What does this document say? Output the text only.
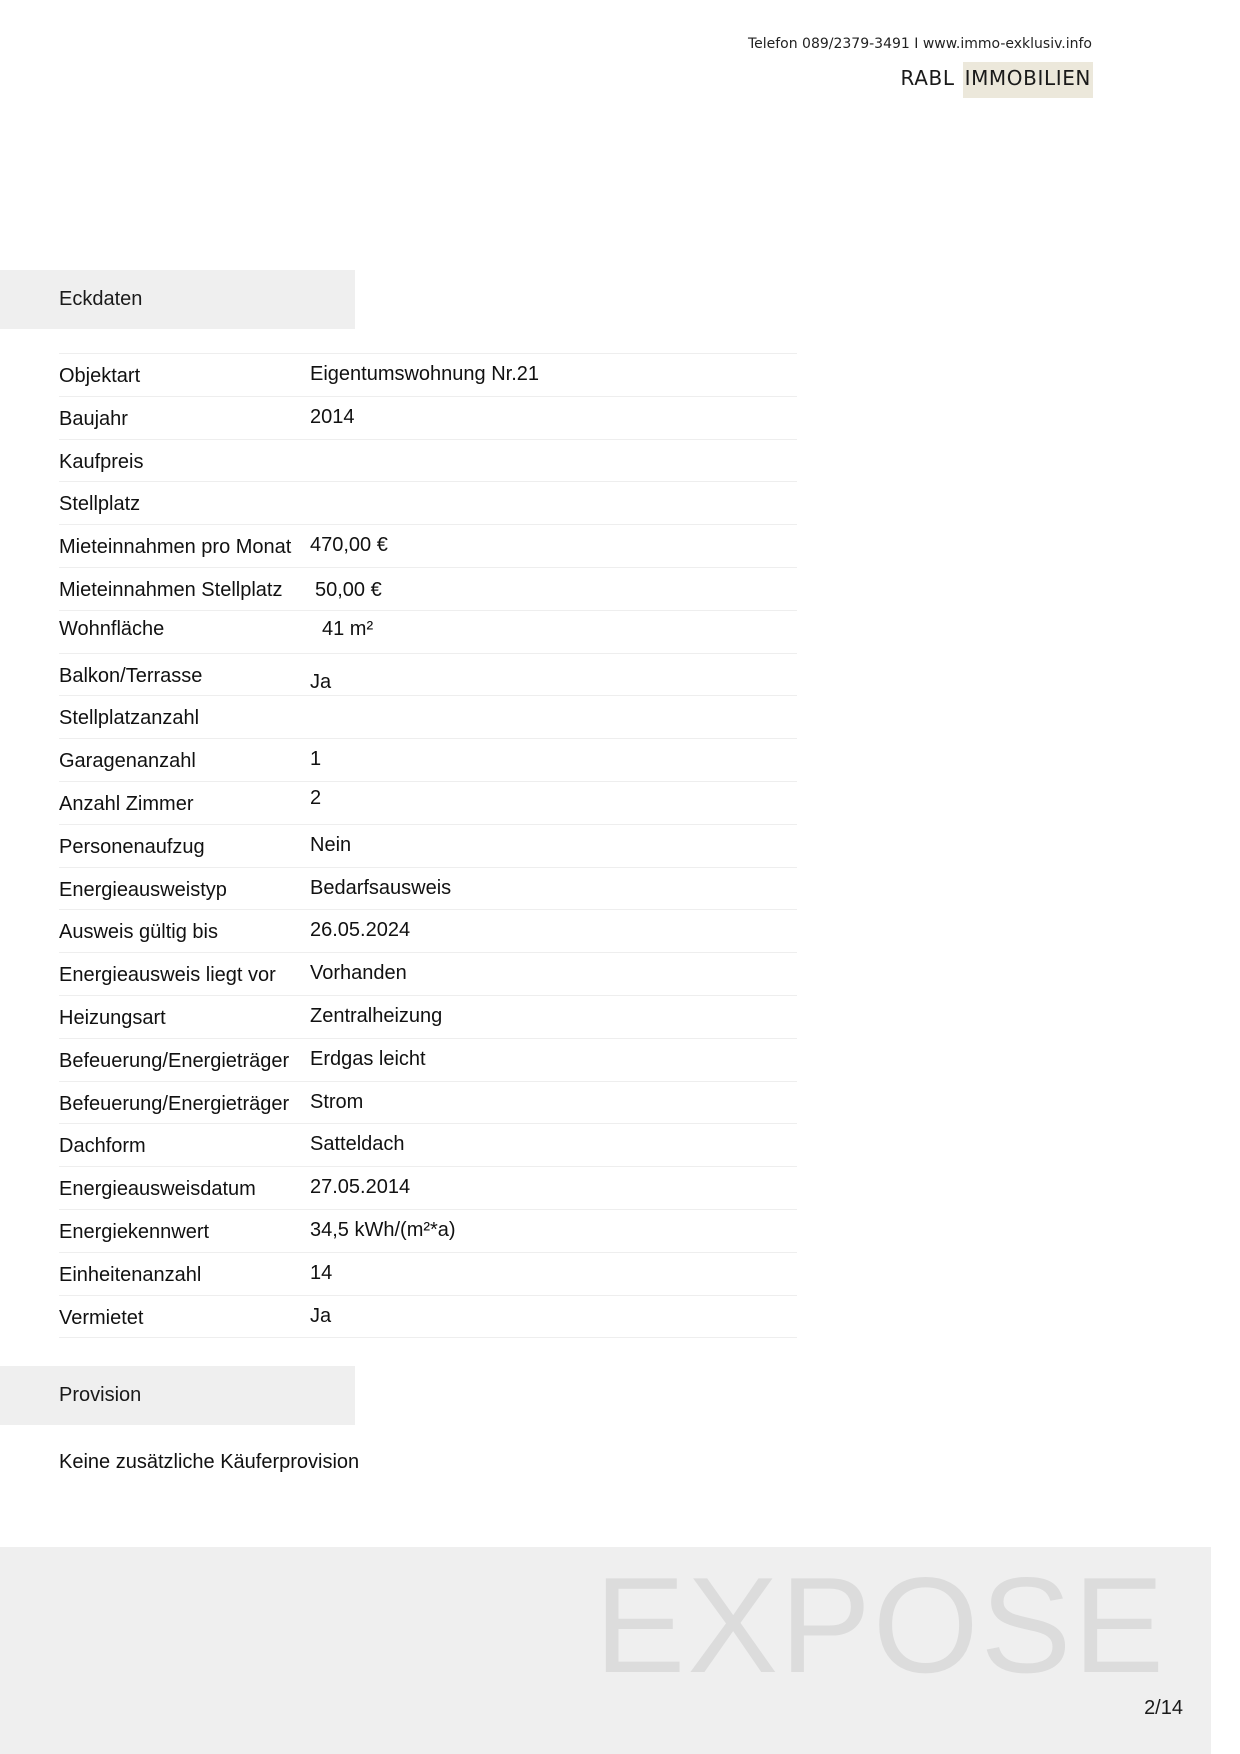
Telefon 089/2379-3491 I www.immo-exklusiv.info
RABL IMMOBILIEN
Eckdaten
Objektart	Eigentumswohnung Nr.21
Baujahr	2014
Kaufpreis
Stellplatz
Mieteinnahmen pro Monat 470,00 €
Mieteinnahmen Stellplatz 50,00 €
Wohnfläche	41 m²
Balkon/Terrasse	Ja
Stellplatzanzahl
Garagenanzahl	1
Anzahl Zimmer	2
Personenaufzug	Nein
Energieausweistyp	Bedarfsausweis
Ausweis gültig bis	26.05.2024
Energieausweis liegt vor Vorhanden
Heizungsart	Zentralheizung
Befeuerung/Energieträger Erdgas leicht
Befeuerung/Energieträger Strom
Dachform	Satteldach
Energieausweisdatum	27.05.2014
Energiekennwert	34,5 kWh/(m²*a)
Einheitenanzahl	14
Vermietet	Ja
Provision
Keine zusätzliche Käuferprovision
EXPOSE
2/14
